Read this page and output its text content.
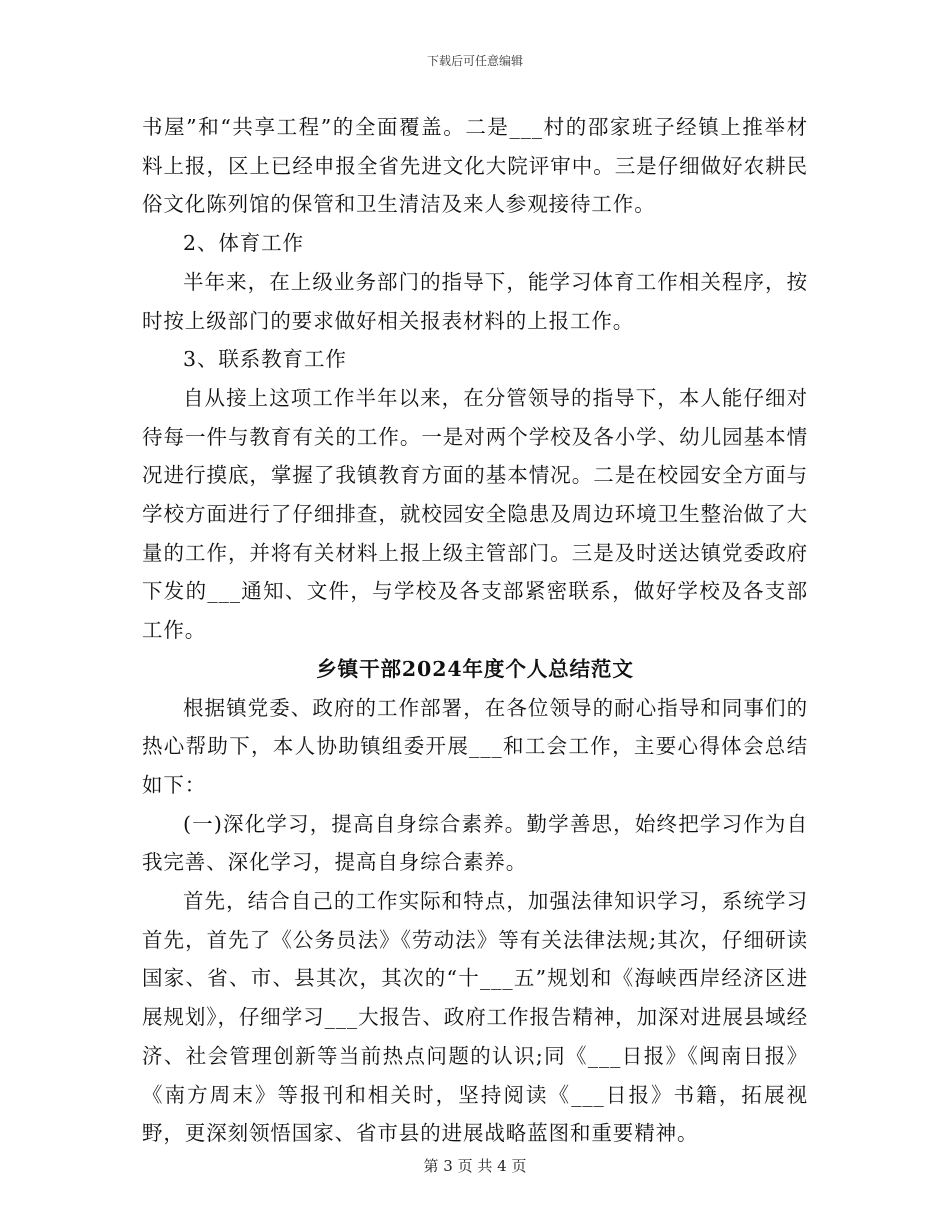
下载后可任意编辑

书屋”和“共享工程”的全面覆盖。二是___村的邵家班子经镇上推举材料上报，区上已经申报全省先进文化大院评审中。三是仔细做好农耕民俗文化陈列馆的保管和卫生清洁及来人参观接待工作。

2、体育工作

半年来，在上级业务部门的指导下，能学习体育工作相关程序，按时按上级部门的要求做好相关报表材料的上报工作。

3、联系教育工作

自从接上这项工作半年以来，在分管领导的指导下，本人能仔细对待每一件与教育有关的工作。一是对两个学校及各小学、幼儿园基本情况进行摸底，掌握了我镇教育方面的基本情况。二是在校园安全方面与学校方面进行了仔细排查，就校园安全隐患及周边环境卫生整治做了大量的工作，并将有关材料上报上级主管部门。三是及时送达镇党委政府下发的___通知、文件，与学校及各支部紧密联系，做好学校及各支部工作。

乡镇干部2024年度个人总结范文

根据镇党委、政府的工作部署，在各位领导的耐心指导和同事们的热心帮助下，本人协助镇组委开展___和工会工作，主要心得体会总结如下：

(一)深化学习，提高自身综合素养。勤学善思，始终把学习作为自我完善、深化学习，提高自身综合素养。

首先，结合自己的工作实际和特点，加强法律知识学习，系统学习首先，首先了《公务员法》《劳动法》等有关法律法规;其次，仔细研读国家、省、市、县其次，其次的“十___五”规划和《海峡西岸经济区进展规划》，仔细学习___大报告、政府工作报告精神，加深对进展县域经济、社会管理创新等当前热点问题的认识;同《___日报》《闽南日报》《南方周末》等报刊和相关时，坚持阅读《___日报》书籍，拓展视野，更深刻领悟国家、省市县的进展战略蓝图和重要精神。

第 3 页 共 4 页
